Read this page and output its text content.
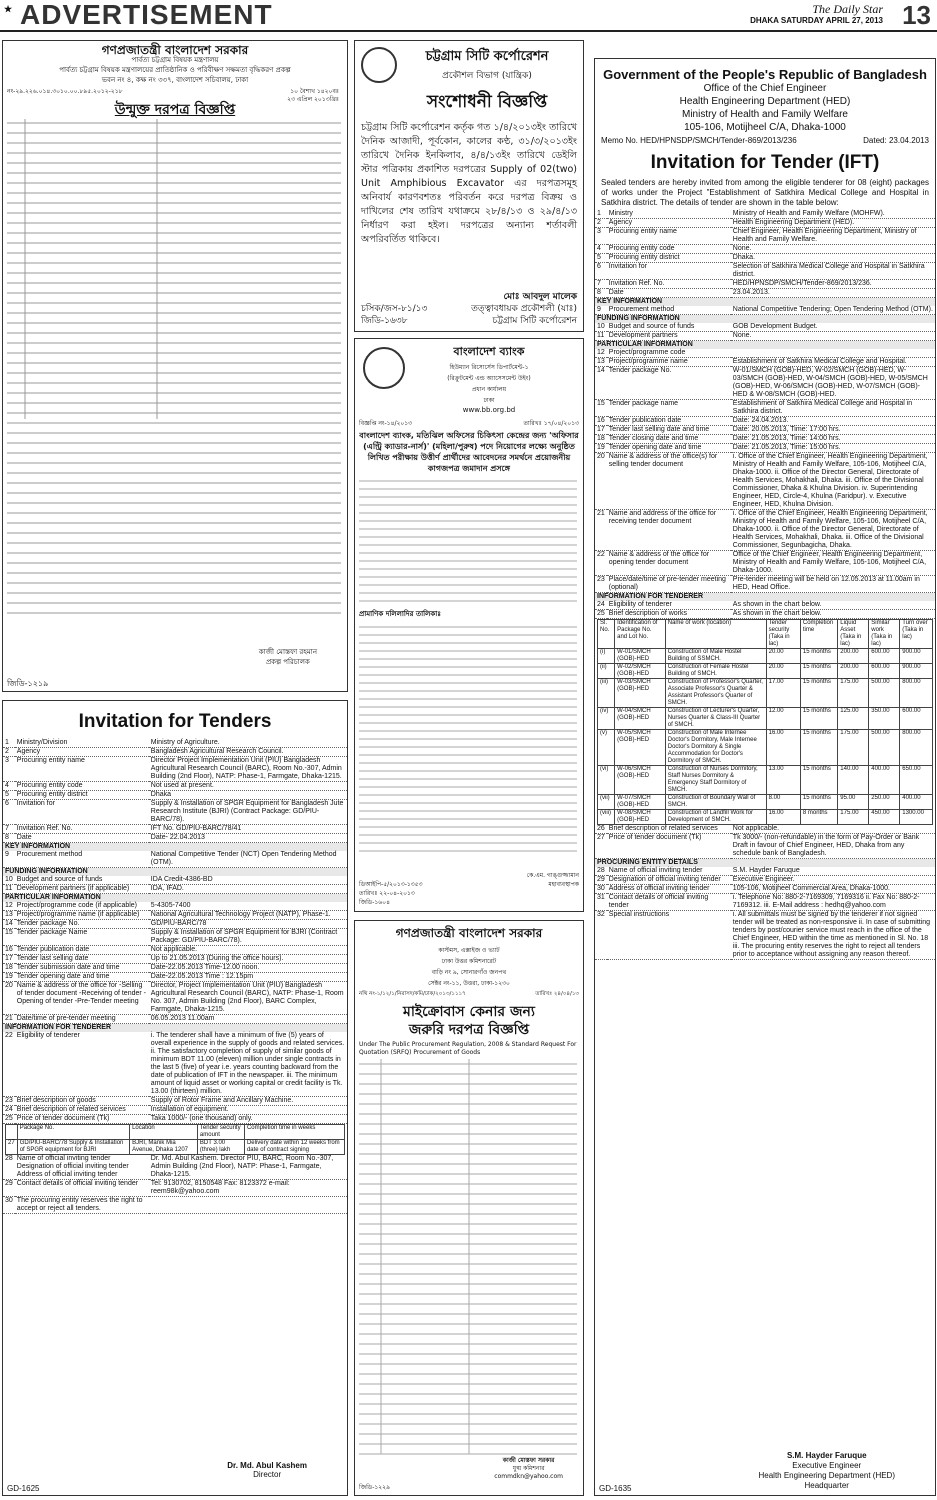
★ ADVERTISEMENT	The Daily Star
DHAKA SATURDAY APRIL 27, 2013 13
গণপ্রজাতন্ত্রী বাংলাদেশ সরকার
পার্বত্য চট্টগ্রাম বিষয়ক মন্ত্রণালয়
পার্বত্য চট্টগ্রাম বিষয়ক মন্ত্রণালয়ের প্রাতিষ্ঠানিক ও পরিবীক্ষণ সক্ষমতা বৃদ্ধিকরণ প্রকল্প
ভবন নং ৪, কক্ষ নং ৩৩৭, বাংলাদেশ সচিবালয়, ঢাকা
নং-২৯.২২৬.০১৪.৩০১০.০০.৮৯৫.২০১২-২১৮	১০ বৈশাখ ১৪২০বঃ
২৩ এপ্রিল ২০১৩খ্রিঃ
উন্মুক্ত দরপত্র বিজ্ঞপ্তি
কাজী মোস্তফা রহমান
প্রকল্প পরিচালক
জিডি-১২১৯
চট্টগ্রাম সিটি কর্পোরেশন
প্রকৌশল বিভাগ (যান্ত্রিক)
সংশোধনী বিজ্ঞপ্তি
চট্টগ্রাম সিটি কর্পোরেশন কর্তৃক গত ১/৪/২০১৩ইং তারিখে দৈনিক আজাদী, পূর্বকোন, কালের কণ্ঠ, ৩১/৩/২০১৩ইং তারিখে দৈনিক ইনকিলাব, ৪/৪/১৩ইং তারিখে ডেইলি স্টার পত্রিকায় প্রকাশিত দরপত্রের Supply of 02(two) Unit Amphibious Excavator এর দরপত্রসমূহ অনিবার্য কারণবশতঃ পরিবর্তন করে দরপত্র বিক্রয় ও দাখিলের শেষ তারিখ যথাক্রমে ২৮/৪/১৩ ও ২৯/৪/১৩ নির্ধারণ করা হইল। দরপত্রের অন্যান্য শর্তাবলী অপরিবর্তিত থাকিবে।
মোঃ আবদুল মালেক
চসিক/জস-৮১/১৩	তত্ত্বাবধায়ক প্রকৌশলী (যাঃ)
জিডি-১৬৩৮	চট্টগ্রাম সিটি কর্পোরেশন
বাংলাদেশ ব্যাংক
হিউম্যান রিসোর্সেস ডিপার্টমেন্ট-১
(রিক্রুটমেন্ট এন্ড অ্যাসেসমেন্ট উইং)
প্রধান কার্যালয়
ঢাকা
www.bb.org.bd
বিজ্ঞপ্তি নং-১৪/২০১৩	তারিখঃ ১৭/০৪/২০১৩
বাংলাদেশ ব্যাংক, মতিঝিল অফিসের চিকিৎসা কেন্দ্রের জন্য 'অফিসার (এন্ট্রি ক্যাডার-নার্স)' (মহিলা/পুরুষ) পদে নিয়োগের লক্ষ্যে অনুষ্ঠিত লিখিত পরীক্ষায় উত্তীর্ণ প্রার্থীদের আবেদনের সমর্থনে প্রয়োজনীয় কাগজপত্র জমাদান প্রসঙ্গে
প্রামাণিক দলিলাদির তালিকাঃ
কে.এম. গাঙ্গুজ্জামান
ডিআইপি-৫/২০১৩-১৩৫৩	মহাব্যবস্থাপক
তারিখঃ ২২-০৪-২০১৩
জিডি-১৬০৪
গণপ্রজাতন্ত্রী বাংলাদেশ সরকার
কাস্টমস, এক্সাইজ ও ভ্যাট
ঢাকা উত্তর কমিশনারেট
বাড়ি নং ৯, সোনারগাঁও জনপথ
সেক্টর নং-১১, উত্তরা, ঢাকা-১২৩০
নথি নং-১/১২/১/নিরাসদ/কমি/ঢাক/২০১৩/১১১৭	তারিখঃ ২৪/০৪/১৩
মাইক্রোবাস কেনার জন্য
জরুরি দরপত্র বিজ্ঞপ্তি
Under The Public Procurement Regulation, 2008 & Standard Request For Quotation (SRFQ) Procurement of Goods
কাজী মোস্তফা সরকার
যুগ্ম কমিশনার
commdkn@yahoo.com
জিডি-১২২৯
Invitation for Tenders
1	Ministry/Division	Ministry of Agriculture.
2	Agency	Bangladesh Agricultural Research Council.
3	Procuring entity name	Director Project Implementation Unit (PIU) Bangladesh Agricultural Research Council (BARC), Room No.-307, Admin Building (2nd Floor), NATP: Phase-1, Farmgate, Dhaka-1215.
4	Procuring entity code	Not used at present.
5	Procuring entity district	Dhaka
6	Invitation for	Supply & Installation of SPGR Equipment for Bangladesh Jute Research Institute (BJRI) (Contract Package: GD/PIU-BARC/78).
7	Invitation Ref. No.	IFT No. GD/PIU-BARC/78/41
8	Date	Date- 22.04.2013
KEY INFORMATION
9	Procurement method	National Competitive Tender (NCT) Open Tendering Method (OTM).
FUNDING INFORMATION
10	Budget and source of funds	IDA Credit-4386-BD
11	Development partners (if applicable)	IDA, IFAD.
PARTICULAR INFORMATION
12	Project/programme code (if applicable)	5-4305-7400
13	Project/programme name (if applicable)	National Agricultural Technology Project (NATP), Phase-1.
14	Tender package No.	GD/PIU-BARC/78
15	Tender package Name	Supply & Installation of SPGR Equipment for BJRI (Contract Package: GD/PIU-BARC/78).
16	Tender publication date	Not applicable.
17	Tender last selling date	Up to 21.05.2013 (During the office hours).
18	Tender submission date and time	Date-22.05.2013 Time-12.00 noon.
19	Tender opening date and time	Date-22.05.2013 Time : 12.15pm
20	Name & address of the office for -Selling of tender document -Receiving of tender -Opening of tender -Pre-Tender meeting	Director, Project Implementation Unit (PIU) Bangladesh Agricultural Research Council (BARC), NATP: Phase-1, Room No. 307, Admin Building (2nd Floor), BARC Complex, Farmgate, Dhaka-1215.
21	Date/time of pre-tender meeting	06.05.2013 11.00am
INFORMATION FOR TENDERER
22	Eligibility of tenderer	i. The tenderer shall have a minimum of five (5) years of overall experience in the supply of goods and related services. ii. The satisfactory completion of supply of similar goods of minimum BDT 11.00 (eleven) million under single contracts in the last 5 (five) of year i.e. years counting backward from the date of publication of IFT in the newspaper. iii. The minimum amount of liquid asset or working capital or credit facility is Tk. 13.00 (thirteen) million.
23	Brief description of goods	Supply of Rotor Frame and Ancillary Machine.
24	Brief description of related services	Installation of equipment.
25	Price of tender document (Tk)	Taka 1000/- (one thousand) only.

	Package No.	Location	Tender security amount	Completion time in weeks
27	GD/PIU-BARC/78 Supply & Installation of SPGR equipment for BJRI	BJRI, Manik Mia Avenue, Dhaka 1207	BDT 3.00 (three) lakh	Delivery date within 12 weeks from date of contract signing

28	Name of official inviting tender Designation of official inviting tender Address of official inviting tender	Dr. Md. Abul Kashem. Director PIU, BARC, Room No.-307, Admin Building (2nd Floor), NATP: Phase-1, Farmgate, Dhaka-1215.
29	Contact details of official inviting tender	Tel: 9130702, 8150548 Fax: 8123372 e-mail: reem98k@yahoo.com
30	The procuring entity reserves the right to accept or reject all tenders.	
Dr. Md. Abul Kashem
Director
GD-1625
Government of the People's Republic of Bangladesh
Office of the Chief Engineer
Health Engineering Department (HED)
Ministry of Health and Family Welfare
105-106, Motijheel C/A, Dhaka-1000
Memo No. HED/HPNSDP/SMCH/Tender-869/2013/236	Dated: 23.04.2013
Invitation for Tender (IFT)
Sealed tenders are hereby invited from among the eligible tenderer for 08 (eight) packages of works under the Project "Establishment of Satkhira Medical College and Hospital in Satkhira district. The details of tender are shown in the table below:
1	Ministry	Ministry of Health and Family Welfare (MOHFW).
2	Agency	Health Engineering Department (HED).
3	Procuring entity name	Chief Engineer, Health Engineering Department, Ministry of Health and Family Welfare.
4	Procuring entity code	None.
5	Procuring entity district	Dhaka.
6	Invitation for	Selection of Satkhira Medical College and Hospital in Satkhira district.
7	Invitation Ref. No.	HED/HPNSDP/SMCH/Tender-869/2013/236.
8	Date	23.04.2013.
KEY INFORMATION
9	Procurement method	National Competitive Tendering; Open Tendering Method (OTM).
FUNDING INFORMATION
10	Budget and source of funds	GOB Development Budget.
11	Development partners	None.
PARTICULAR INFORMATION
12	Project/programme code	
13	Project/programme name	Establishment of Satkhira Medical College and Hospital.
14	Tender package No.	W-01/SMCH (GOB)-HED, W-02/SMCH (GOB)-HED, W-03/SMCH (GOB)-HED, W-04/SMCH (GOB)-HED, W-05/SMCH (GOB)-HED, W-06/SMCH (GOB)-HED, W-07/SMCH (GOB)-HED & W-08/SMCH (GOB)-HED.
15	Tender package name	Establishment of Satkhira Medical College and Hospital in Satkhira district.
16	Tender publication date	Date: 24.04.2013.
17	Tender last selling date and time	Date: 20.05.2013, Time: 17:00 hrs.
18	Tender closing date and time	Date: 21.05.2013, Time: 14:00 hrs.
19	Tender opening date and time	Date: 21.05.2013, Time: 15:00 hrs.
20	Name & address of the office(s) for selling tender document	i. Office of the Chief Engineer, Health Engineering Department, Ministry of Health and Family Welfare, 105-106, Motijheel C/A, Dhaka-1000. ii. Office of the Director General, Directorate of Health Services, Mohakhali, Dhaka. iii. Office of the Divisional Commissioner, Dhaka & Khulna Division. iv. Superintending Engineer, HED, Circle-4, Khulna (Faridpur). v. Executive Engineer, HED, Khulna Division.
21	Name and address of the office for receiving tender document	i. Office of the Chief Engineer, Health Engineering Department, Ministry of Health and Family Welfare, 105-106, Motijheel C/A, Dhaka-1000. ii. Office of the Director General, Directorate of Health Services, Mohakhali, Dhaka. iii. Office of the Divisional Commissioner, Segunbagicha, Dhaka.
22	Name & address of the office for opening tender document	Office of the Chief Engineer, Health Engineering Department, Ministry of Health and Family Welfare, 105-106, Motijheel C/A, Dhaka-1000.
23	Place/date/time of pre-tender meeting (optional)	Pre-tender meeting will be held on 12.05.2013 at 11.00am in HED, Head Office.
INFORMATION FOR TENDERER
24	Eligibility of tenderer	As shown in the chart below.
25	Brief description of works	As shown in the chart below.

Sl. No.	Identification of Package No. and Lot No.	Name of work (location)	Tender security (Taka in lac)	Completion time	Liquid Asset (Taka in lac)	Similar work (Taka in lac)	Turn over (Taka in lac)
(i)	W-01/SMCH (GOB)-HED	Construction of Male Hostel Building of SSMCH.	20.00	15 months	200.00	600.00	900.00
(ii)	W-02/SMCH (GOB)-HED	Construction of Female Hostel Building of SMCH.	20.00	15 months	200.00	600.00	900.00
(iii)	W-03/SMCH (GOB)-HED	Construction of Professor's Quarter, Associate Professor's Quarter & Assistant Professor's Quarter of SMCH.	17.00	15 months	175.00	500.00	800.00
(iv)	W-04/SMCH (GOB)-HED	Construction of Lecturer's Quarter, Nurses Quarter & Class-III Quarter of SMCH.	12.00	15 months	125.00	350.00	600.00
(v)	W-05/SMCH (GOB)-HED	Construction of Male Internee Doctor's Dormitory, Male Internee Doctor's Dormitory & Single Accommodation for Doctor's Dormitory of SMCH.	16.00	15 months	175.00	500.00	800.00
(vi)	W-06/SMCH (GOB)-HED	Construction of Nurses Dormitory, Staff Nurses Dormitory & Emergency Staff Dormitory of SMCH.	13.00	15 months	140.00	400.00	650.00
(vii)	W-07/SMCH (GOB)-HED	Construction of Boundary Wall of SMCH.	8.00	15 months	95.00	250.00	400.00
(viii)	W-08/SMCH (GOB)-HED	Construction of Landfill Work for Development of SMCH.	16.00	8 months	175.00	450.00	1300.00

26	Brief description of related services	Not applicable.
27	Price of tender document (Tk)	Tk 3000/- (non-refundable) in the form of Pay-Order or Bank Draft in favour of Chief Engineer, HED, Dhaka from any schedule bank of Bangladesh.
PROCURING ENTITY DETAILS
28	Name of official inviting tender	S.M. Hayder Faruque
29	Designation of official inviting tender	Executive Engineer.
30	Address of official inviting tender	105-106, Motijheel Commercial Area, Dhaka-1000.
31	Contact details of official inviting tender	i. Telephone No: 880-2-7169309, 7169316 ii. Fax No: 880-2-7169312. iii. E-Mail address : hedhq@yahoo.com
32	Special instructions	i. All submittals must be signed by the tenderer if not signed tender will be treated as non-responsive ii. In case of submitting tenders by post/courier service must reach in the office of the Chief Engineer, HED within the time as mentioned in Sl. No. 18 iii. The procuring entity reserves the right to reject all tenders prior to acceptance without assigning any reason thereof.
S.M. Hayder Faruque
Executive Engineer
Health Engineering Department (HED)
Headquarter
GD-1635
